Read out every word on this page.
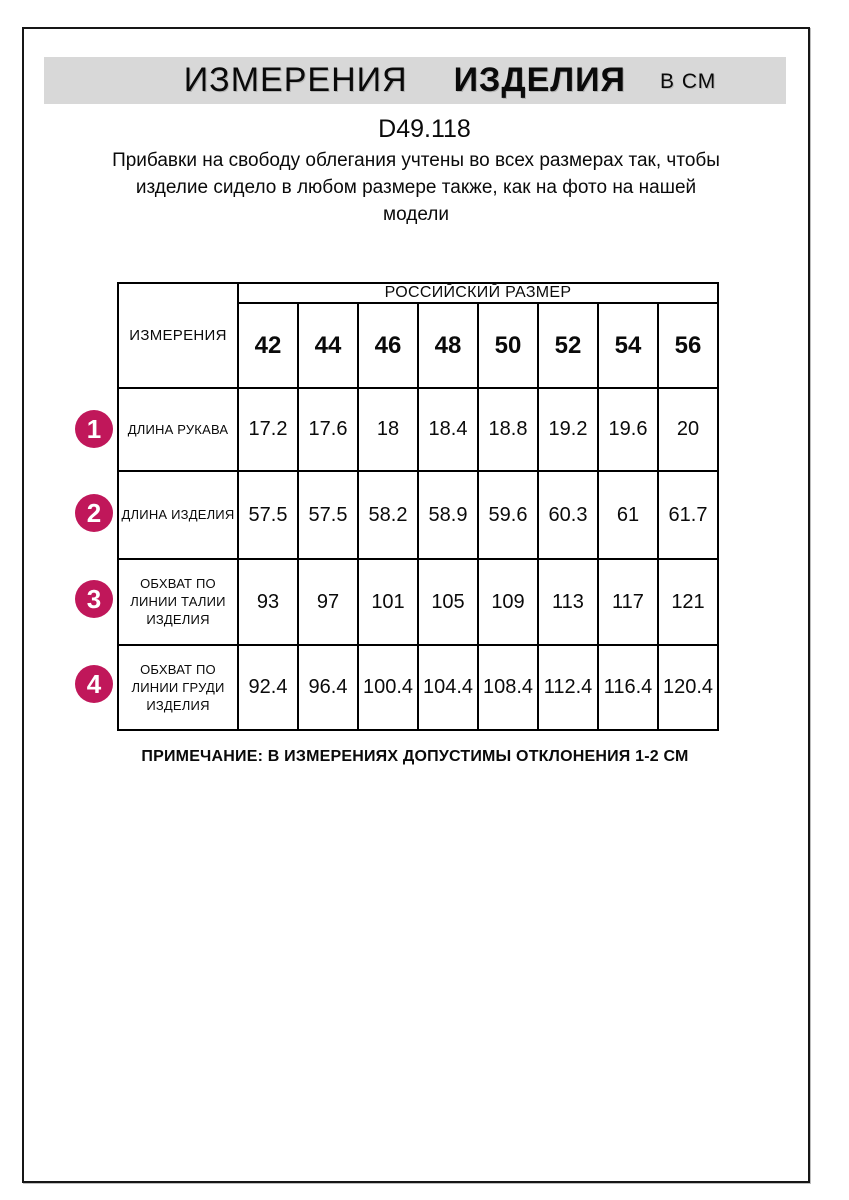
ИЗМЕРЕНИЯ ИЗДЕЛИЯ В СМ
D49.118
Прибавки на свободу облегания учтены во всех размерах так, чтобы
изделие сидело в любом размере также, как на фото на нашей
модели
ИЗМЕРЕНИЯ	РОССИЙСКИЙ РАЗМЕР							
	42	44	46	48	50	52	54	56
ДЛИНА РУКАВА	17.2	17.6	18	18.4	18.8	19.2	19.6	20
ДЛИНА ИЗДЕЛИЯ	57.5	57.5	58.2	58.9	59.6	60.3	61	61.7
ОБХВАТ ПО ЛИНИИ ТАЛИИ ИЗДЕЛИЯ	93	97	101	105	109	113	117	121
ОБХВАТ ПО ЛИНИИ ГРУДИ ИЗДЕЛИЯ	92.4	96.4	100.4	104.4	108.4	112.4	116.4	120.4
1
2
3
4
ПРИМЕЧАНИЕ: В ИЗМЕРЕНИЯХ ДОПУСТИМЫ ОТКЛОНЕНИЯ 1-2 СМ
